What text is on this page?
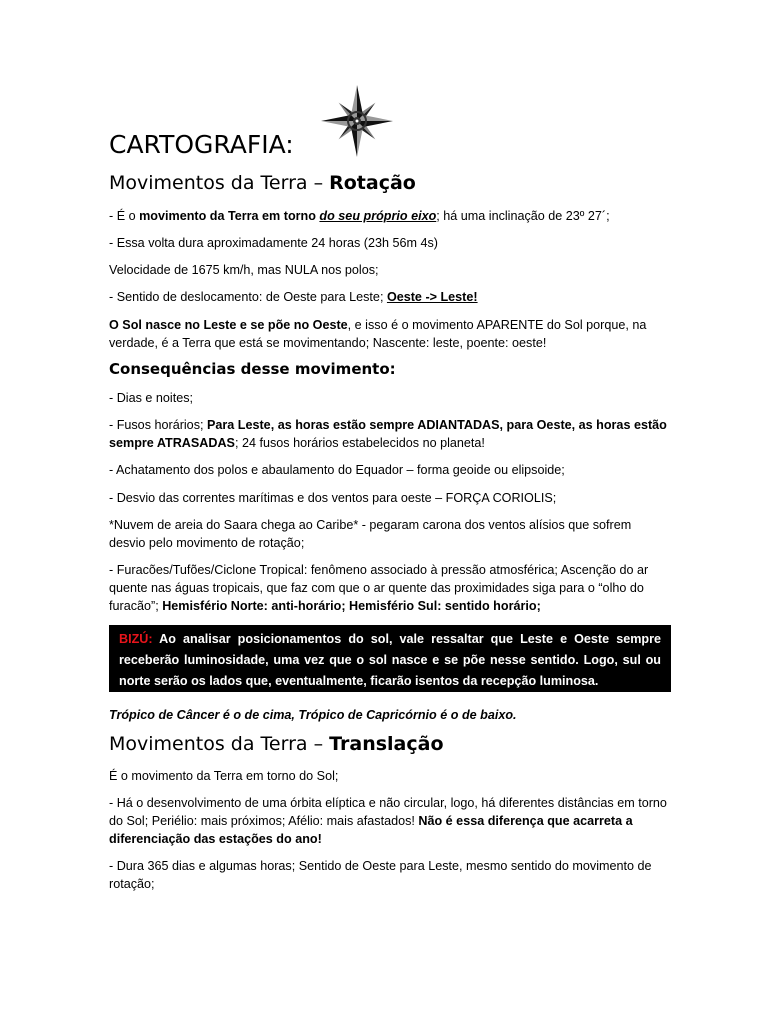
CARTOGRAFIA:
Movimentos da Terra – Rotação
- É o movimento da Terra em torno do seu próprio eixo; há uma inclinação de 23º 27´;
- Essa volta dura aproximadamente 24 horas (23h 56m 4s)
Velocidade de 1675 km/h, mas NULA nos polos;
- Sentido de deslocamento: de Oeste para Leste; Oeste -> Leste!
O Sol nasce no Leste e se põe no Oeste, e isso é o movimento APARENTE do Sol porque, na verdade, é a Terra que está se movimentando; Nascente: leste, poente: oeste!
Consequências desse movimento:
- Dias e noites;
- Fusos horários; Para Leste, as horas estão sempre ADIANTADAS, para Oeste, as horas estão sempre ATRASADAS; 24 fusos horários estabelecidos no planeta!
- Achatamento dos polos e abaulamento do Equador – forma geoide ou elipsoide;
- Desvio das correntes marítimas e dos ventos para oeste – FORÇA CORIOLIS;
*Nuvem de areia do Saara chega ao Caribe* - pegaram carona dos ventos alísios que sofrem desvio pelo movimento de rotação;
- Furacões/Tufões/Ciclone Tropical: fenômeno associado à pressão atmosférica; Ascenção do ar quente nas águas tropicais, que faz com que o ar quente das proximidades siga para o “olho do furacão”; Hemisfério Norte: anti-horário; Hemisfério Sul: sentido horário;
BIZÚ: Ao analisar posicionamentos do sol, vale ressaltar que Leste e Oeste sempre receberão luminosidade, uma vez que o sol nasce e se põe nesse sentido. Logo, sul ou norte serão os lados que, eventualmente, ficarão isentos da recepção luminosa.
Trópico de Câncer é o de cima, Trópico de Capricórnio é o de baixo.
Movimentos da Terra – Translação
É o movimento da Terra em torno do Sol;
- Há o desenvolvimento de uma órbita elíptica e não circular, logo, há diferentes distâncias em torno do Sol; Periélio: mais próximos; Afélio: mais afastados! Não é essa diferença que acarreta a diferenciação das estações do ano!
- Dura 365 dias e algumas horas; Sentido de Oeste para Leste, mesmo sentido do movimento de rotação;
